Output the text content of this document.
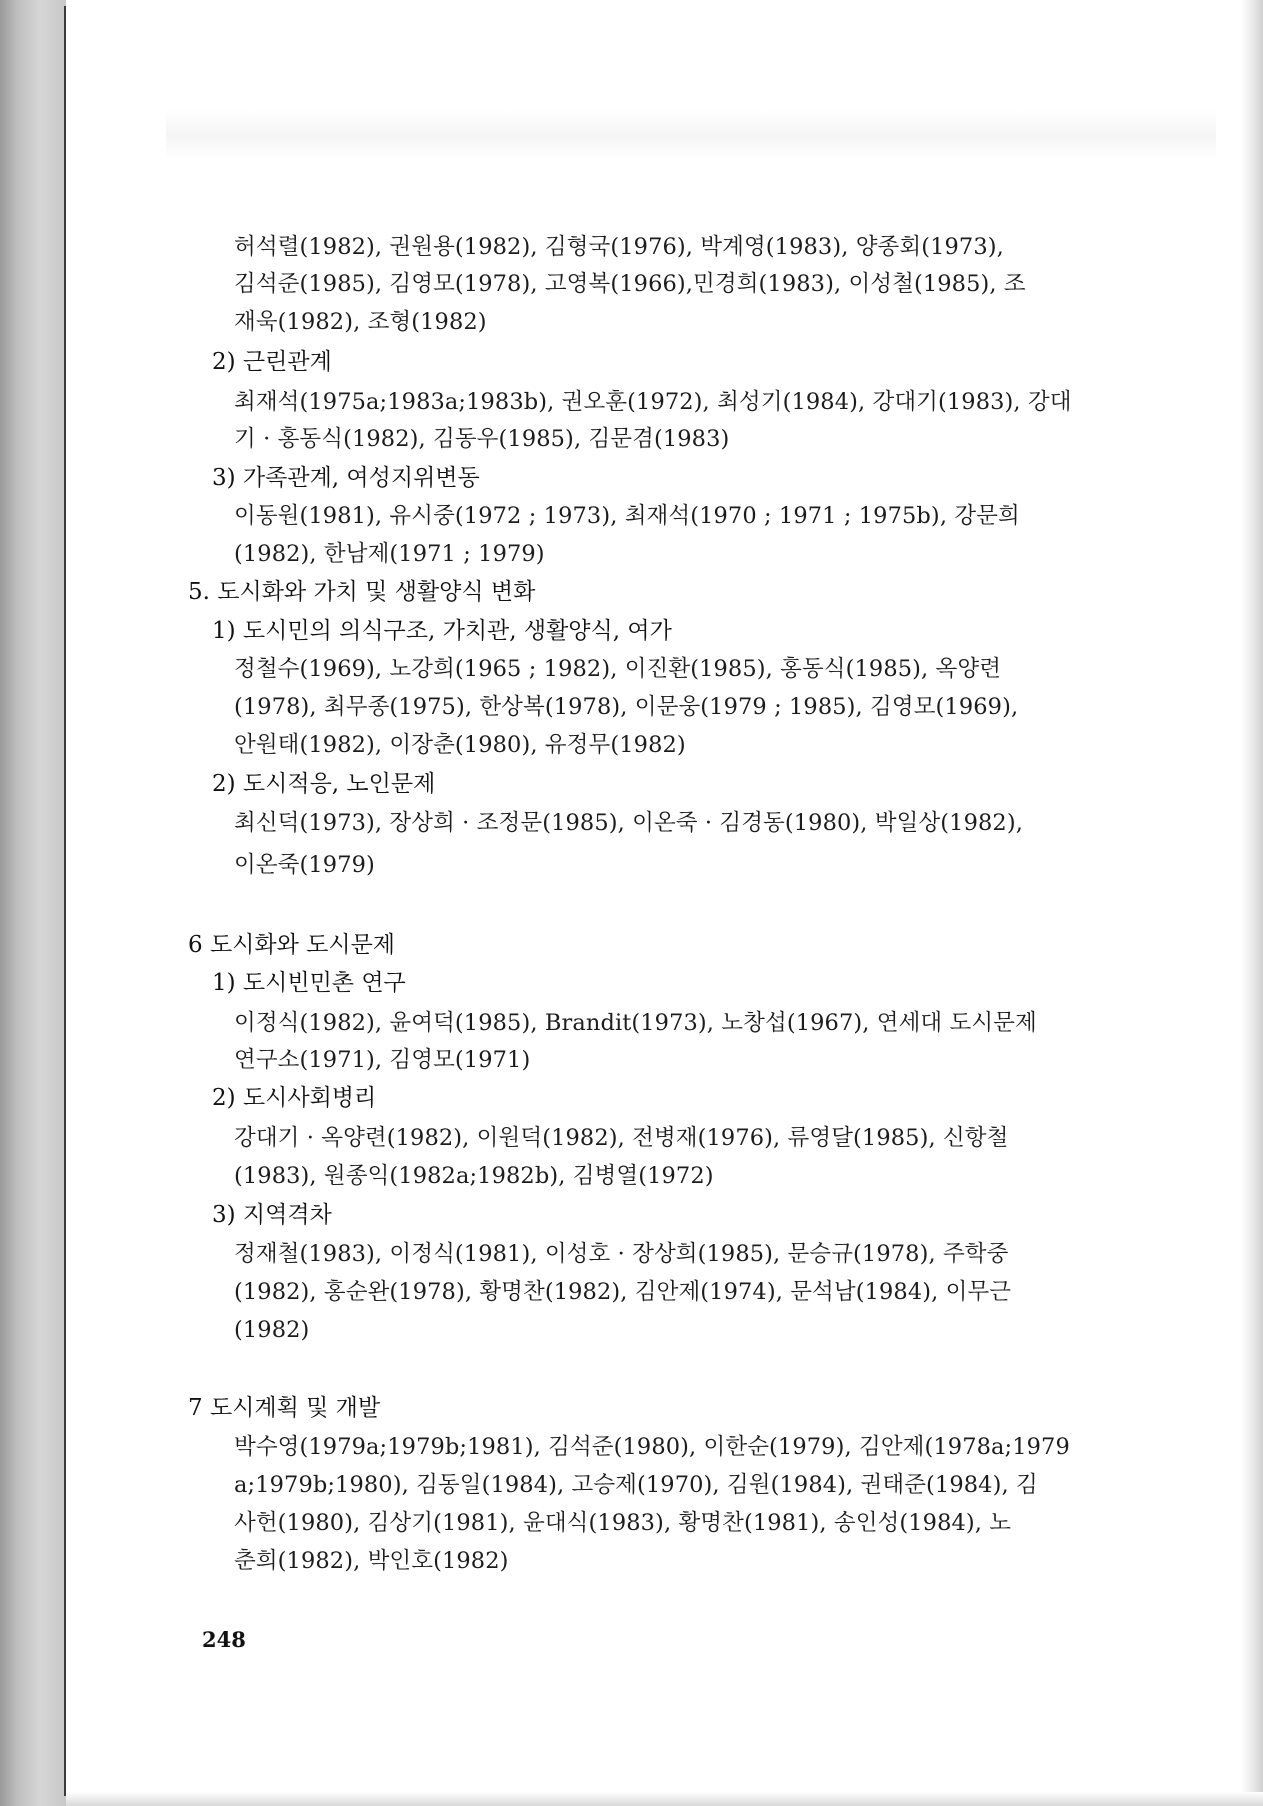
허석렬(1982), 권원용(1982), 김형국(1976), 박계영(1983), 양종회(1973),
김석준(1985), 김영모(1978), 고영복(1966),민경희(1983), 이성철(1985), 조
재욱(1982), 조형(1982)
2) 근린관계
최재석(1975a;1983a;1983b), 권오훈(1972), 최성기(1984), 강대기(1983), 강대
기 · 홍동식(1982), 김동우(1985), 김문겸(1983)
3) 가족관계, 여성지위변동
이동원(1981), 유시중(1972 ; 1973), 최재석(1970 ; 1971 ; 1975b), 강문희
(1982), 한남제(1971 ; 1979)
5. 도시화와 가치 및 생활양식 변화
1) 도시민의 의식구조, 가치관, 생활양식, 여가
정철수(1969), 노강희(1965 ; 1982), 이진환(1985), 홍동식(1985), 옥양련
(1978), 최무종(1975), 한상복(1978), 이문웅(1979 ; 1985), 김영모(1969),
안원태(1982), 이장춘(1980), 유정무(1982)
2) 도시적응, 노인문제
최신덕(1973), 장상희 · 조정문(1985), 이온죽 · 김경동(1980), 박일상(1982),
이온죽(1979)
6 도시화와 도시문제
1) 도시빈민촌 연구
이정식(1982), 윤여덕(1985), Brandit(1973), 노창섭(1967), 연세대 도시문제
연구소(1971), 김영모(1971)
2) 도시사회병리
강대기 · 옥양련(1982), 이원덕(1982), 전병재(1976), 류영달(1985), 신항철
(1983), 원종익(1982a;1982b), 김병열(1972)
3) 지역격차
정재철(1983), 이정식(1981), 이성호 · 장상희(1985), 문승규(1978), 주학중
(1982), 홍순완(1978), 황명찬(1982), 김안제(1974), 문석남(1984), 이무근
(1982)
7 도시계획 및 개발
박수영(1979a;1979b;1981), 김석준(1980), 이한순(1979), 김안제(1978a;1979
a;1979b;1980), 김동일(1984), 고승제(1970), 김원(1984), 권태준(1984), 김
사헌(1980), 김상기(1981), 윤대식(1983), 황명찬(1981), 송인성(1984), 노
춘희(1982), 박인호(1982)
248
